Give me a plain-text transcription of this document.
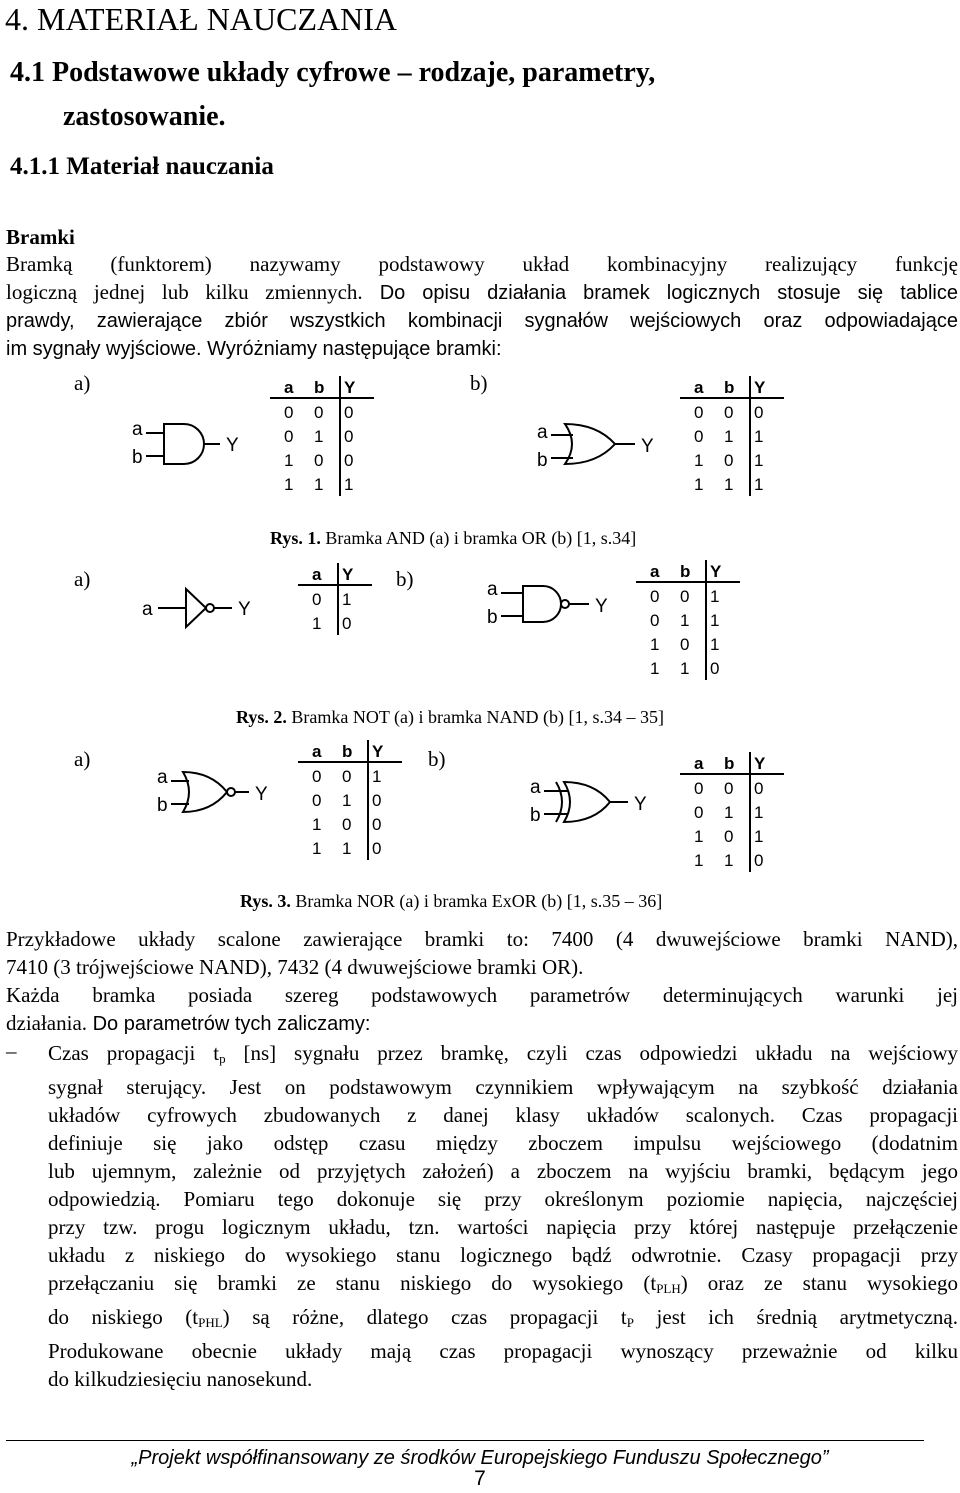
4. MATERIAŁ NAUCZANIA
4.1 Podstawowe układy cyfrowe – rodzaje, parametry,
zastosowanie.
4.1.1 Materiał nauczania
Bramki
Bramką (funktorem) nazywamy podstawowy układ kombinacyjny realizujący funkcję
logiczną jednej lub kilku zmiennych. Do opisu działania bramek logicznych stosuje się tablice
prawdy, zawierające zbiór wszystkich kombinacji sygnałów wejściowych oraz odpowiadające
im sygnały wyjściowe. Wyróżniamy następujące bramki:
a)	b)
a
b
Y
a b Y
0 0 0
0 1 0
1 0 0
1 1 1
a
b
Y
a b Y
0 0 0
0 1 1
1 0 1
1 1 1
Rys. 1. Bramka AND (a) i bramka OR (b) [1, s.34]
a)	b)
a	Y
a Y
0 1
1 0
a
b
Y
a b Y
0 0 1
0 1 1
1 0 1
1 1 0
Rys. 2. Bramka NOT (a) i bramka NAND (b) [1, s.34 – 35]
a)	b)
a
b
Y
a b Y
0 0 1
0 1 0
1 0 0
1 1 0
a
b
Y
a b Y
0 0 0
0 1 1
1 0 1
1 1 0
Rys. 3. Bramka NOR (a) i bramka ExOR (b) [1, s.35 – 36]
Przykładowe układy scalone zawierające bramki to: 7400 (4 dwuwejściowe bramki NAND),
7410 (3 trójwejściowe NAND), 7432 (4 dwuwejściowe bramki OR).
Każda bramka posiada szereg podstawowych parametrów determinujących warunki jej
działania. Do parametrów tych zaliczamy:
– Czas propagacji $t_p$ [ns] sygnału przez bramkę, czyli czas odpowiedzi układu na wejściowy
sygnał sterujący. Jest on podstawowym czynnikiem wpływającym na szybkość działania
układów cyfrowych zbudowanych z danej klasy układów scalonych. Czas propagacji
definiuje się jako odstęp czasu między zboczem impulsu wejściowego (dodatnim
lub ujemnym, zależnie od przyjętych założeń) a zboczem na wyjściu bramki, będącym jego
odpowiedzią. Pomiaru tego dokonuje się przy określonym poziomie napięcia, najczęściej
przy tzw. progu logicznym układu, tzn. wartości napięcia przy której następuje przełączenie
układu z niskiego do wysokiego stanu logicznego bądź odwrotnie. Czasy propagacji przy
przełączaniu się bramki ze stanu niskiego do wysokiego $(t_{PLH})$ oraz ze stanu wysokiego
do niskiego $(t_{PHL})$ są różne, dlatego czas propagacji $t_P$ jest ich średnią arytmetyczną.
Produkowane obecnie układy mają czas propagacji wynoszący przeważnie od kilku
do kilkudziesięciu nanosekund.
„Projekt współfinansowany ze środków Europejskiego Funduszu Społecznego”
7
